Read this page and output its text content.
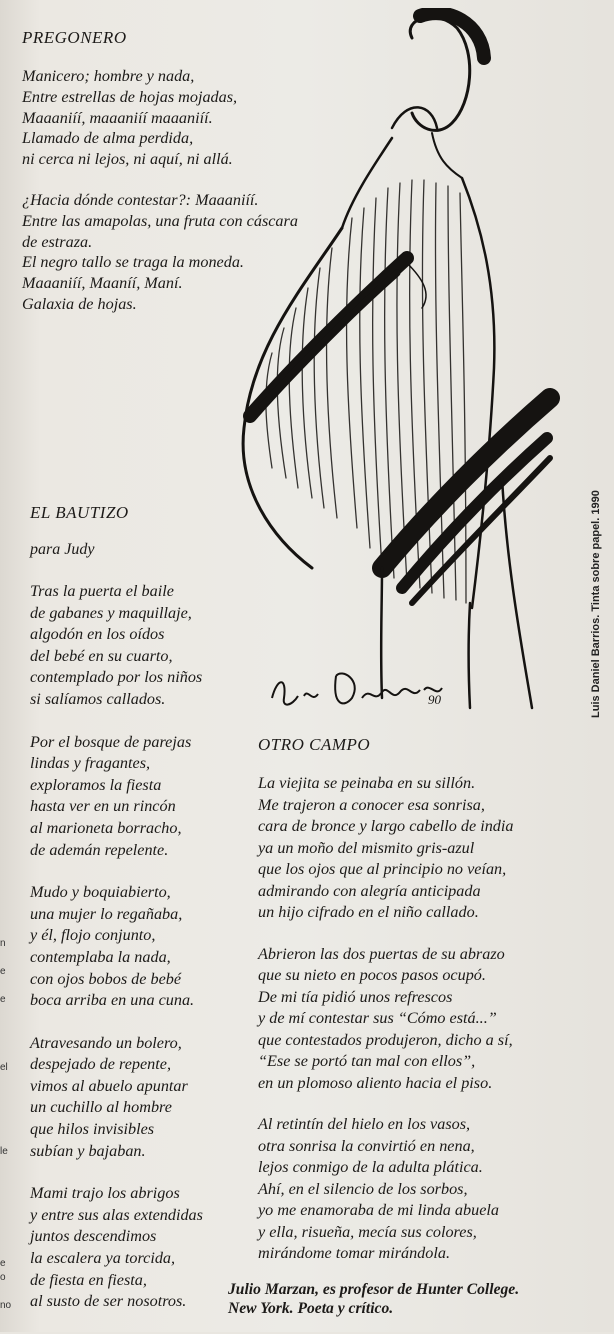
PREGONERO
Manicero; hombre y nada,
Entre estrellas de hojas mojadas,
Maaaniíí, maaaniíí maaaniíí.
Llamado de alma perdida,
ni cerca ni lejos, ni aquí, ni allá.
¿Hacia dónde contestar?: Maaaniíí.
Entre las amapolas, una fruta con cáscara
de estraza.
El negro tallo se traga la moneda.
Maaaniíí, Maaníí, Maní.
Galaxia de hojas.
90	Luis Daniel Barrios. Tinta sobre papel. 1990
EL BAUTIZO
para Judy
Tras la puerta el baile
de gabanes y maquillaje,
algodón en los oídos
del bebé en su cuarto,
contemplado por los niños
si salíamos callados.
Por el bosque de parejas
lindas y fragantes,
exploramos la fiesta
hasta ver en un rincón
al marioneta borracho,
de ademán repelente.
Mudo y boquiabierto,
una mujer lo regañaba,
y él, flojo conjunto,
contemplaba la nada,
con ojos bobos de bebé
boca arriba en una cuna.
Atravesando un bolero,
despejado de repente,
vimos al abuelo apuntar
un cuchillo al hombre
que hilos invisibles
subían y bajaban.
Mami trajo los abrigos
y entre sus alas extendidas
juntos descendimos
la escalera ya torcida,
de fiesta en fiesta,
al susto de ser nosotros.
OTRO CAMPO
La viejita se peinaba en su sillón.
Me trajeron a conocer esa sonrisa,
cara de bronce y largo cabello de india
ya un moño del mismito gris-azul
que los ojos que al principio no veían,
admirando con alegría anticipada
un hijo cifrado en el niño callado.
Abrieron las dos puertas de su abrazo
que su nieto en pocos pasos ocupó.
De mi tía pidió unos refrescos
y de mí contestar sus “Cómo está...”
que contestados produjeron, dicho a sí,
“Ese se portó tan mal con ellos”,
en un plomoso aliento hacia el piso.
Al retintín del hielo en los vasos,
otra sonrisa la convirtió en nena,
lejos conmigo de la adulta plática.
Ahí, en el silencio de los sorbos,
yo me enamoraba de mi linda abuela
y ella, risueña, mecía sus colores,
mirándome tomar mirándola.
Julio Marzan, es profesor de Hunter College.
New York. Poeta y crítico.
n
e
e
el
le
e
o
no
